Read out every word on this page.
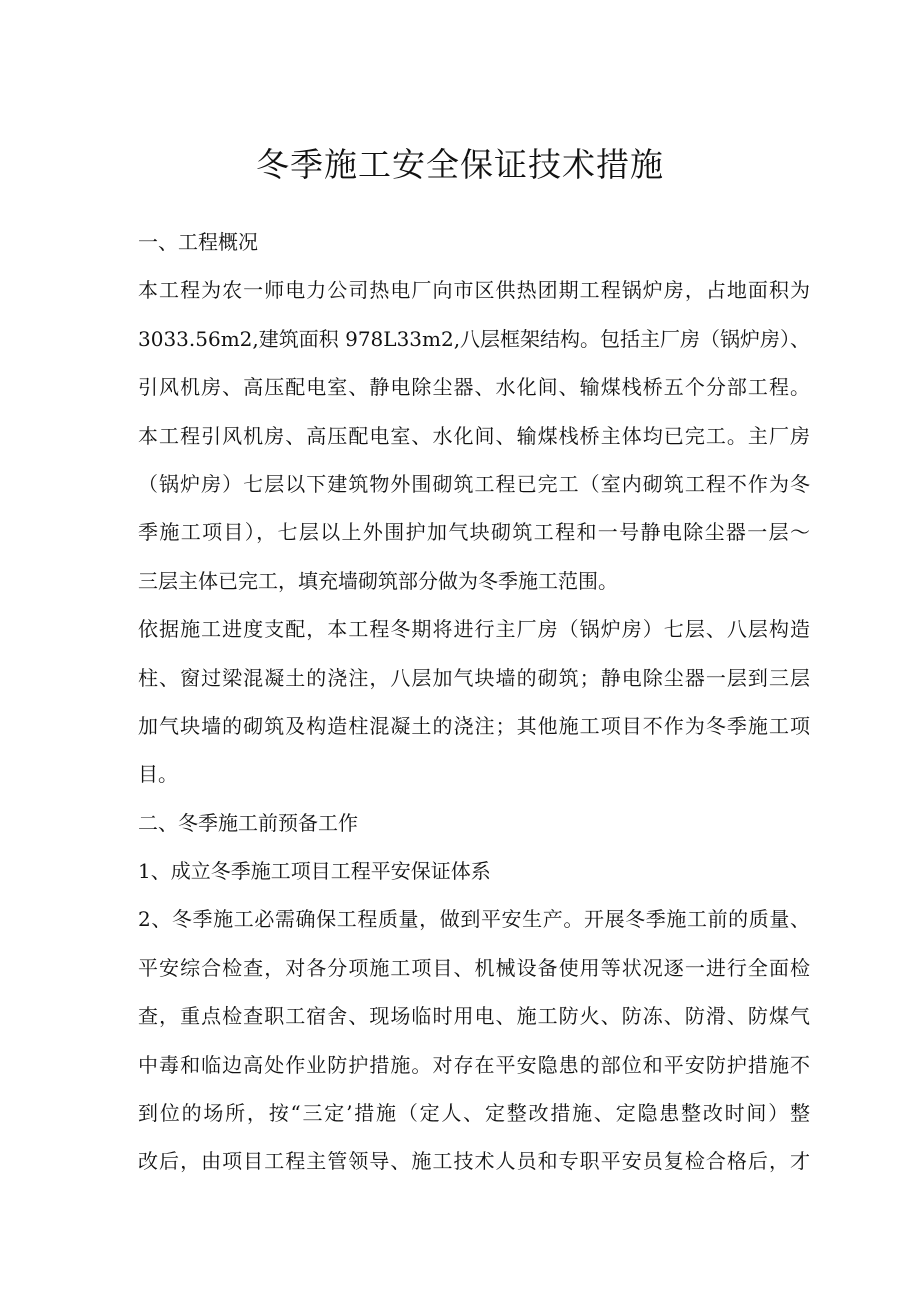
冬季施工安全保证技术措施
一、工程概况
本工程为农一师电力公司热电厂向市区供热团期工程锅炉房，占地面积为
3033.56m2,建筑面积 978L33m2,八层框架结构。包括主厂房（锅炉房）、
引风机房、高压配电室、静电除尘器、水化间、输煤栈桥五个分部工程。
本工程引风机房、高压配电室、水化间、输煤栈桥主体均已完工。主厂房
（锅炉房）七层以下建筑物外围砌筑工程已完工（室内砌筑工程不作为冬
季施工项目），七层以上外围护加气块砌筑工程和一号静电除尘器一层～
三层主体已完工，填充墙砌筑部分做为冬季施工范围。
依据施工进度支配，本工程冬期将进行主厂房（锅炉房）七层、八层构造
柱、窗过梁混凝土的浇注，八层加气块墙的砌筑；静电除尘器一层到三层
加气块墙的砌筑及构造柱混凝土的浇注；其他施工项目不作为冬季施工项
目。
二、冬季施工前预备工作
1、成立冬季施工项目工程平安保证体系
2、冬季施工必需确保工程质量，做到平安生产。开展冬季施工前的质量、
平安综合检查，对各分项施工项目、机械设备使用等状况逐一进行全面检
查，重点检查职工宿舍、现场临时用电、施工防火、防冻、防滑、防煤气
中毒和临边高处作业防护措施。对存在平安隐患的部位和平安防护措施不
到位的场所，按“三定’措施（定人、定整改措施、定隐患整改时间）整
改后，由项目工程主管领导、施工技术人员和专职平安员复检合格后，才
